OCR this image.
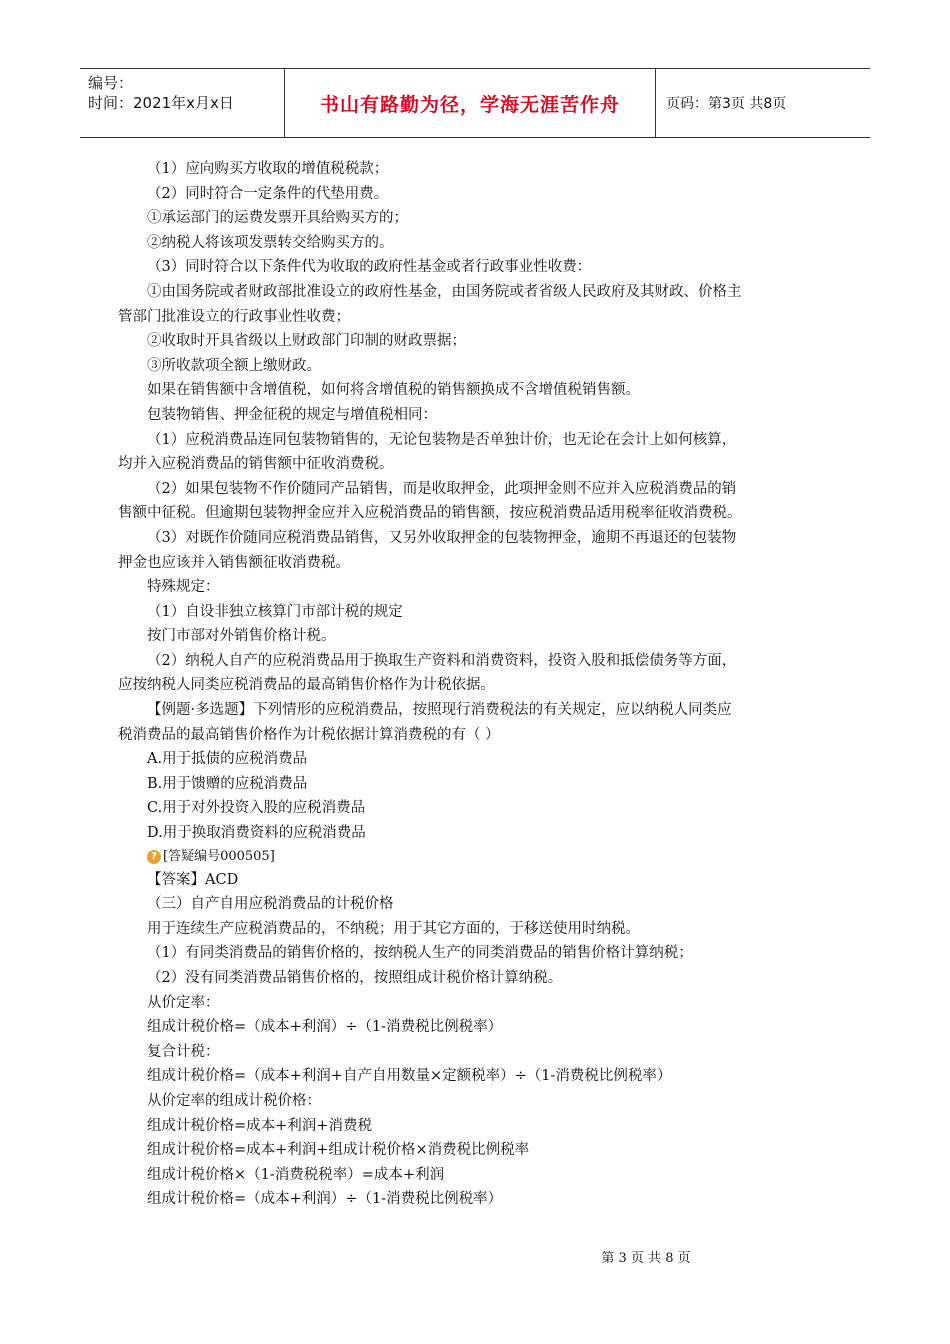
编号：
时间：2021年x月x日	书山有路勤为径，学海无涯苦作舟	页码：第3页 共8页

（1）应向购买方收取的增值税税款；

（2）同时符合一定条件的代垫用费。

①承运部门的运费发票开具给购买方的；

②纳税人将该项发票转交给购买方的。

（3）同时符合以下条件代为收取的政府性基金或者行政事业性收费：

①由国务院或者财政部批准设立的政府性基金，由国务院或者省级人民政府及其财政、价格主

管部门批准设立的行政事业性收费；

②收取时开具省级以上财政部门印制的财政票据；

③所收款项全额上缴财政。

如果在销售额中含增值税，如何将含增值税的销售额换成不含增值税销售额。

包装物销售、押金征税的规定与增值税相同：

（1）应税消费品连同包装物销售的，无论包装物是否单独计价，也无论在会计上如何核算，

均并入应税消费品的销售额中征收消费税。

（2）如果包装物不作价随同产品销售，而是收取押金，此项押金则不应并入应税消费品的销

售额中征税。但逾期包装物押金应并入应税消费品的销售额，按应税消费品适用税率征收消费税。

（3）对既作价随同应税消费品销售，又另外收取押金的包装物押金，逾期不再退还的包装物

押金也应该并入销售额征收消费税。

特殊规定：

（1）自设非独立核算门市部计税的规定

按门市部对外销售价格计税。

（2）纳税人自产的应税消费品用于换取生产资料和消费资料，投资入股和抵偿债务等方面，

应按纳税人同类应税消费品的最高销售价格作为计税依据。

【例题·多选题】下列情形的应税消费品，按照现行消费税法的有关规定，应以纳税人同类应

税消费品的最高销售价格作为计税依据计算消费税的有（ ）

A.用于抵债的应税消费品

B.用于馈赠的应税消费品

C.用于对外投资入股的应税消费品

D.用于换取消费资料的应税消费品

? [答疑编号000505]

【答案】ACD

（三）自产自用应税消费品的计税价格

用于连续生产应税消费品的，不纳税；用于其它方面的，于移送使用时纳税。

（1）有同类消费品的销售价格的，按纳税人生产的同类消费品的销售价格计算纳税；

（2）没有同类消费品销售价格的，按照组成计税价格计算纳税。

从价定率：

组成计税价格=（成本+利润）÷（1-消费税比例税率）

复合计税：

组成计税价格=（成本+利润+自产自用数量×定额税率）÷（1-消费税比例税率）

从价定率的组成计税价格：

组成计税价格=成本+利润+消费税

组成计税价格=成本+利润+组成计税价格×消费税比例税率

组成计税价格×（1-消费税税率）=成本+利润

组成计税价格=（成本+利润）÷（1-消费税比例税率）

第 3 页 共 8 页
